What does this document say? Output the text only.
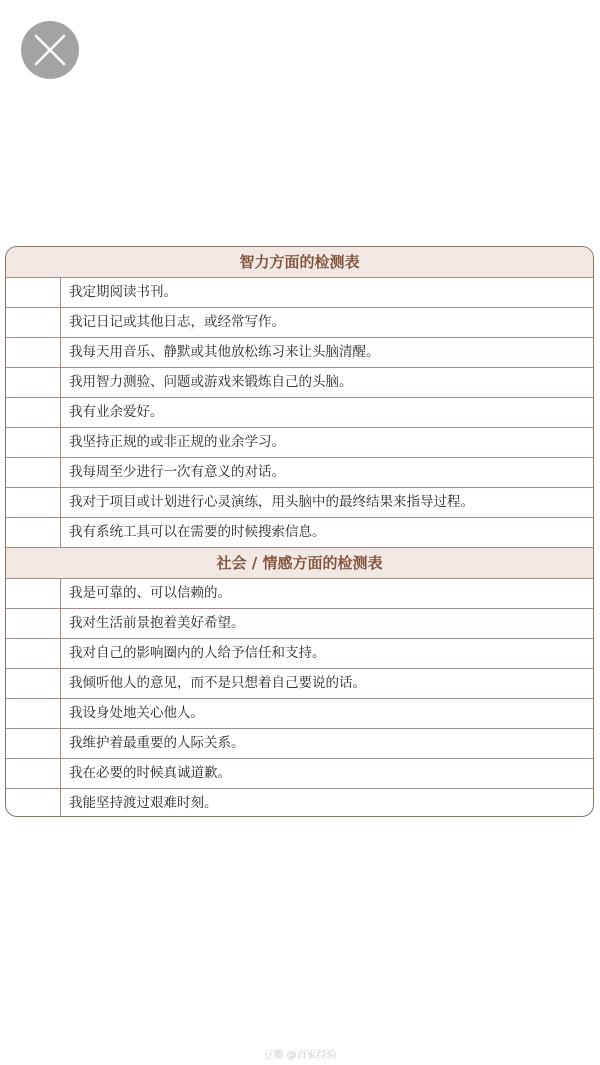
智力方面的检测表
我定期阅读书刊。
我记日记或其他日志，或经常写作。
我每天用音乐、静默或其他放松练习来让头脑清醒。
我用智力测验、问题或游戏来锻炼自己的头脑。
我有业余爱好。
我坚持正规的或非正规的业余学习。
我每周至少进行一次有意义的对话。
我对于项目或计划进行心灵演练，用头脑中的最终结果来指导过程。
我有系统工具可以在需要的时候搜索信息。
社会 / 情感方面的检测表
我是可靠的、可以信赖的。
我对生活前景抱着美好希望。
我对自己的影响圈内的人给予信任和支持。
我倾听他人的意见，而不是只想着自己要说的话。
我设身处地关心他人。
我维护着最重要的人际关系。
我在必要的时候真诚道歉。
我能坚持渡过艰难时刻。
豆瓣 @百家经验
